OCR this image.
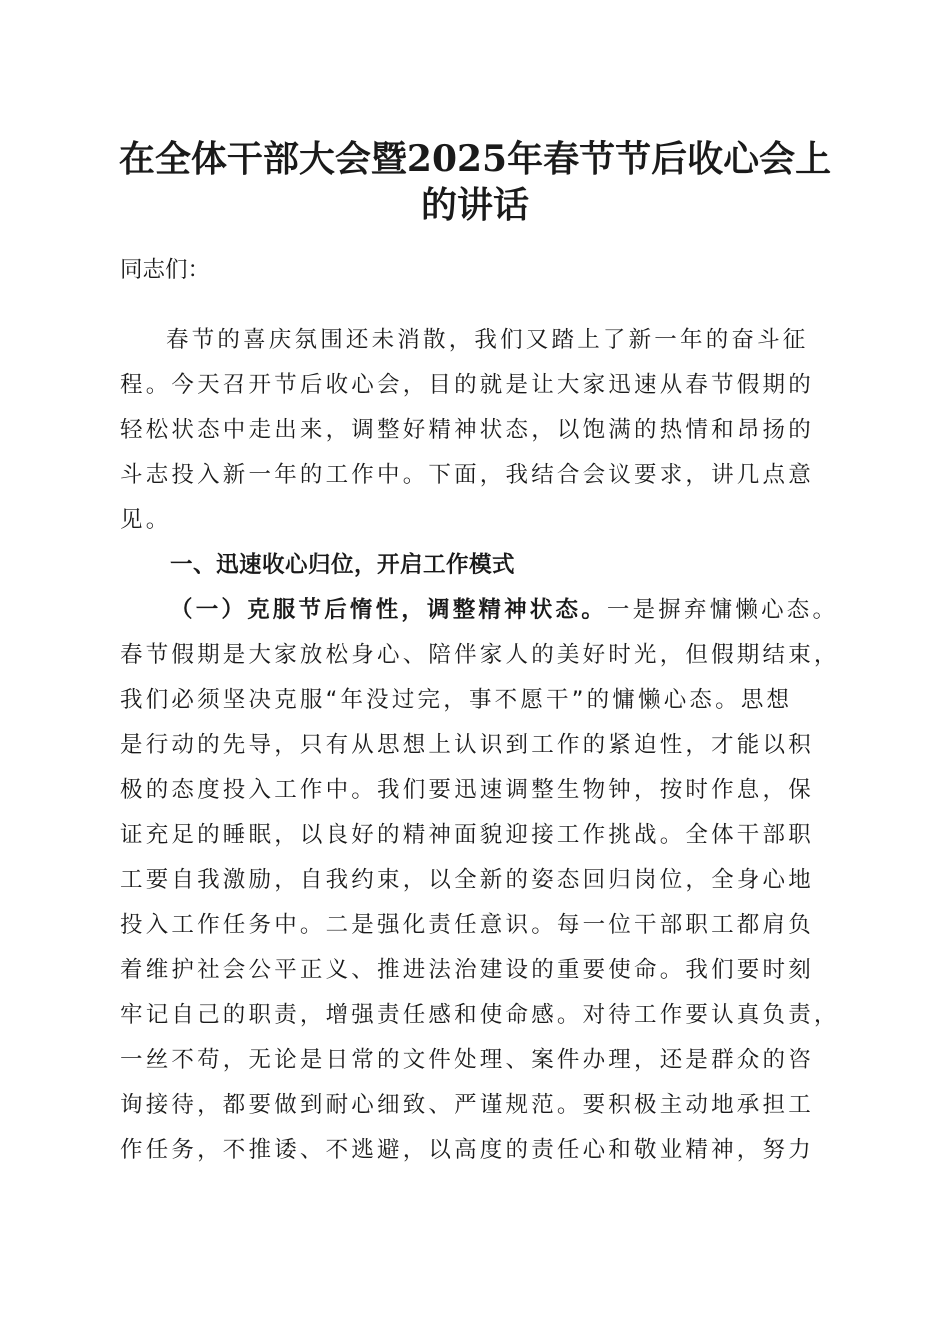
在全体干部大会暨2025年春节节后收心会上
的讲话

同志们：

春节的喜庆氛围还未消散，我们又踏上了新一年的奋斗征

程。今天召开节后收心会，目的就是让大家迅速从春节假期的

轻松状态中走出来，调整好精神状态，以饱满的热情和昂扬的

斗志投入新一年的工作中。下面，我结合会议要求，讲几点意

见。

一、迅速收心归位，开启工作模式

（一）克服节后惰性，调整精神状态。一是摒弃慵懒心态。

春节假期是大家放松身心、陪伴家人的美好时光，但假期结束，

我们必须坚决克服“年没过完，事不愿干”的慵懒心态。思想

是行动的先导，只有从思想上认识到工作的紧迫性，才能以积

极的态度投入工作中。我们要迅速调整生物钟，按时作息，保

证充足的睡眠，以良好的精神面貌迎接工作挑战。全体干部职

工要自我激励，自我约束，以全新的姿态回归岗位，全身心地

投入工作任务中。二是强化责任意识。每一位干部职工都肩负

着维护社会公平正义、推进法治建设的重要使命。我们要时刻

牢记自己的职责，增强责任感和使命感。对待工作要认真负责，

一丝不苟，无论是日常的文件处理、案件办理，还是群众的咨

询接待，都要做到耐心细致、严谨规范。要积极主动地承担工

作任务，不推诿、不逃避，以高度的责任心和敬业精神，努力
